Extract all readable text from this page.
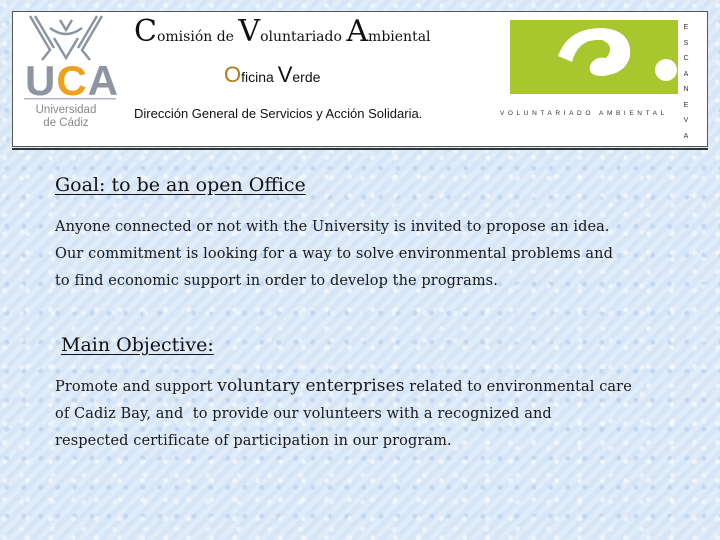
UCA
Universidad
de Cádiz
Comisión de Voluntariado Ambiental
Oficina Verde
Dirección General de Servicios y Acción Solidaria.
ESCANEVA
VOLUNTARIADO AMBIENTAL
Goal: to be an open Office

Anyone connected or not with the University is invited to propose an idea.
Our commitment is looking for a way to solve environmental problems and
to find economic support in order to develop the programs.

Main Objective:

Promote and support voluntary enterprises related to environmental care
of Cadiz Bay, and  to provide our volunteers with a recognized and
respected certificate of participation in our program.
